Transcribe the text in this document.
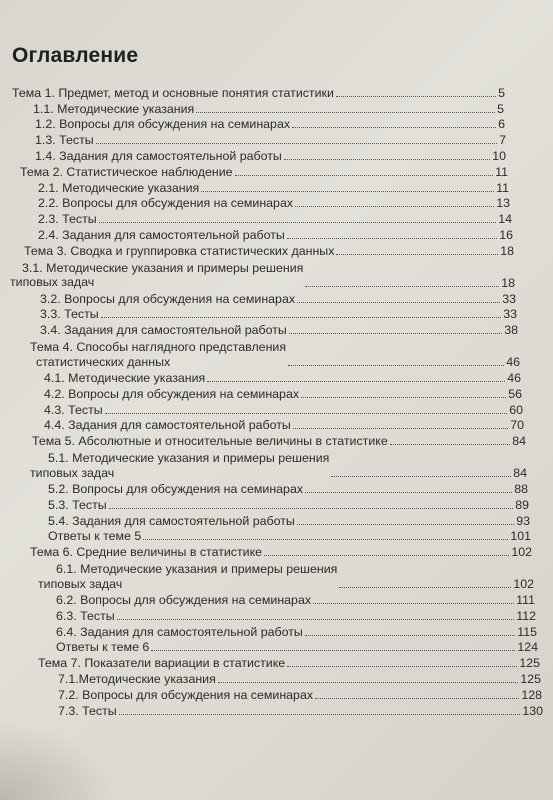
Оглавление
Тема 1. Предмет, метод и основные понятия статистики	5
1.1. Методические указания	5
1.2. Вопросы для обсуждения на семинарах	6
1.3. Тесты	7
1.4. Задания для самостоятельной работы	10
Тема 2. Статистическое наблюдение	11
2.1. Методические указания	11
2.2. Вопросы для обсуждения на семинарах	13
2.3. Тесты	14
2.4. Задания для самостоятельной работы	16
Тема 3. Сводка и группировка статистических данных	18
3.1. Методические указания и примеры решения
типовых задач	18
3.2. Вопросы для обсуждения на семинарах	33
3.3. Тесты	33
3.4. Задания для самостоятельной работы	38
Тема 4. Способы наглядного представления
статистических данных	46
4.1. Методические указания	46
4.2. Вопросы для обсуждения на семинарах	56
4.3. Тесты	60
4.4. Задания для самостоятельной работы	70
Тема 5. Абсолютные и относительные величины в статистике	84
5.1. Методические указания и примеры решения
типовых задач	84
5.2. Вопросы для обсуждения на семинарах	88
5.3. Тесты	89
5.4. Задания для самостоятельной работы	93
Ответы к теме 5	101
Тема 6. Средние величины в статистике	102
6.1. Методические указания и примеры решения
типовых задач	102
6.2. Вопросы для обсуждения на семинарах	111
6.3. Тесты	112
6.4. Задания для самостоятельной работы	115
Ответы к теме 6	124
Тема 7. Показатели вариации в статистике	125
7.1.Методические указания	125
7.2. Вопросы для обсуждения на семинарах	128
7.3. Тесты	130
